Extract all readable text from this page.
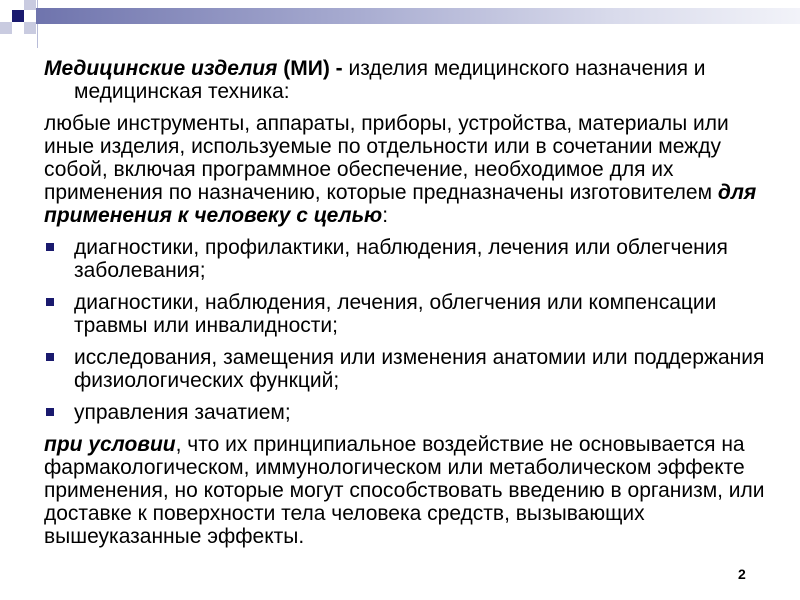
Медицинские изделия (МИ) - изделия медицинского назначения и медицинская техника:

любые инструменты, аппараты, приборы, устройства, материалы или иные изделия, используемые по отдельности или в сочетании между собой, включая программное обеспечение, необходимое для их применения по назначению, которые предназначены изготовителем для применения к человеку с целью:

диагностики, профилактики, наблюдения, лечения или облегчения заболевания;
диагностики, наблюдения, лечения, облегчения или компенсации травмы или инвалидности;
исследования, замещения или изменения анатомии или поддержания физиологических функций;
управления зачатием;

при условии, что их принципиальное воздействие не основывается на фармакологическом, иммунологическом или метаболическом эффекте применения, но которые могут способствовать введению в организм, или доставке к поверхности тела человека средств, вызывающих вышеуказанные эффекты.

2
